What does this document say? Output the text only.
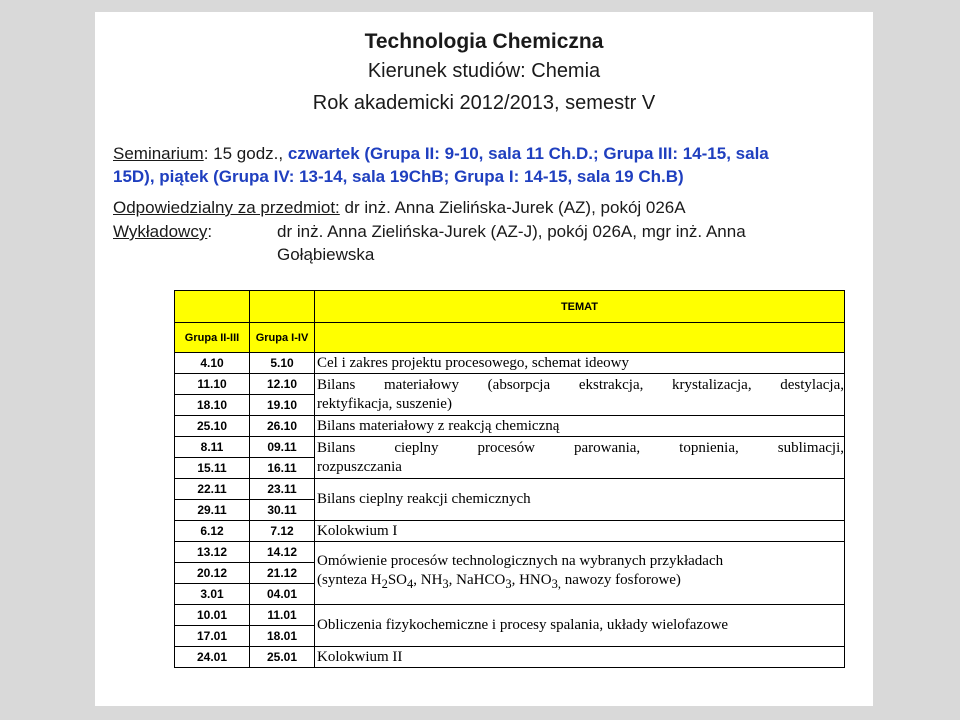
Technologia Chemiczna
Kierunek studiów: Chemia
Rok akademicki 2012/2013, semestr V
Seminarium: 15 godz., czwartek (Grupa II: 9-10, sala 11 Ch.D.; Grupa III: 14-15, sala
15D), piątek (Grupa IV: 13-14, sala 19ChB; Grupa I: 14-15, sala 19 Ch.B)
Odpowiedzialny za przedmiot: dr inż. Anna Zielińska-Jurek (AZ), pokój 026A
Wykładowcy:	dr inż. Anna Zielińska-Jurek (AZ-J), pokój 026A, mgr inż. Anna
Gołąbiewska
		TEMAT
Grupa II-III	Grupa I-IV	
4.10	5.10	Cel i zakres projektu procesowego, schemat ideowy
11.10	12.10	Bilans materiałowy (absorpcja ekstrakcja, krystalizacja, destylacja,
rektyfikacja, suszenie)

18.10	19.10	
25.10	26.10	Bilans materiałowy z reakcją chemiczną
8.11	09.11	Bilans cieplny procesów parowania, topnienia, sublimacji,
rozpuszczania

15.11	16.11	
22.11	23.11	Bilans cieplny reakcji chemicznych
29.11	30.11	
6.12	7.12	Kolokwium I
13.12	14.12	Omówienie procesów technologicznych na wybranych przykładach
(synteza $H_2SO_4$, $NH_3$, NaHCO$_3$, $HNO_{3,}$ nawozy fosforowe)

20.12	21.12	
3.01	04.01	
10.01	11.01	Obliczenia fizykochemiczne i procesy spalania, układy wielofazowe
17.01	18.01	
24.01	25.01	Kolokwium II
